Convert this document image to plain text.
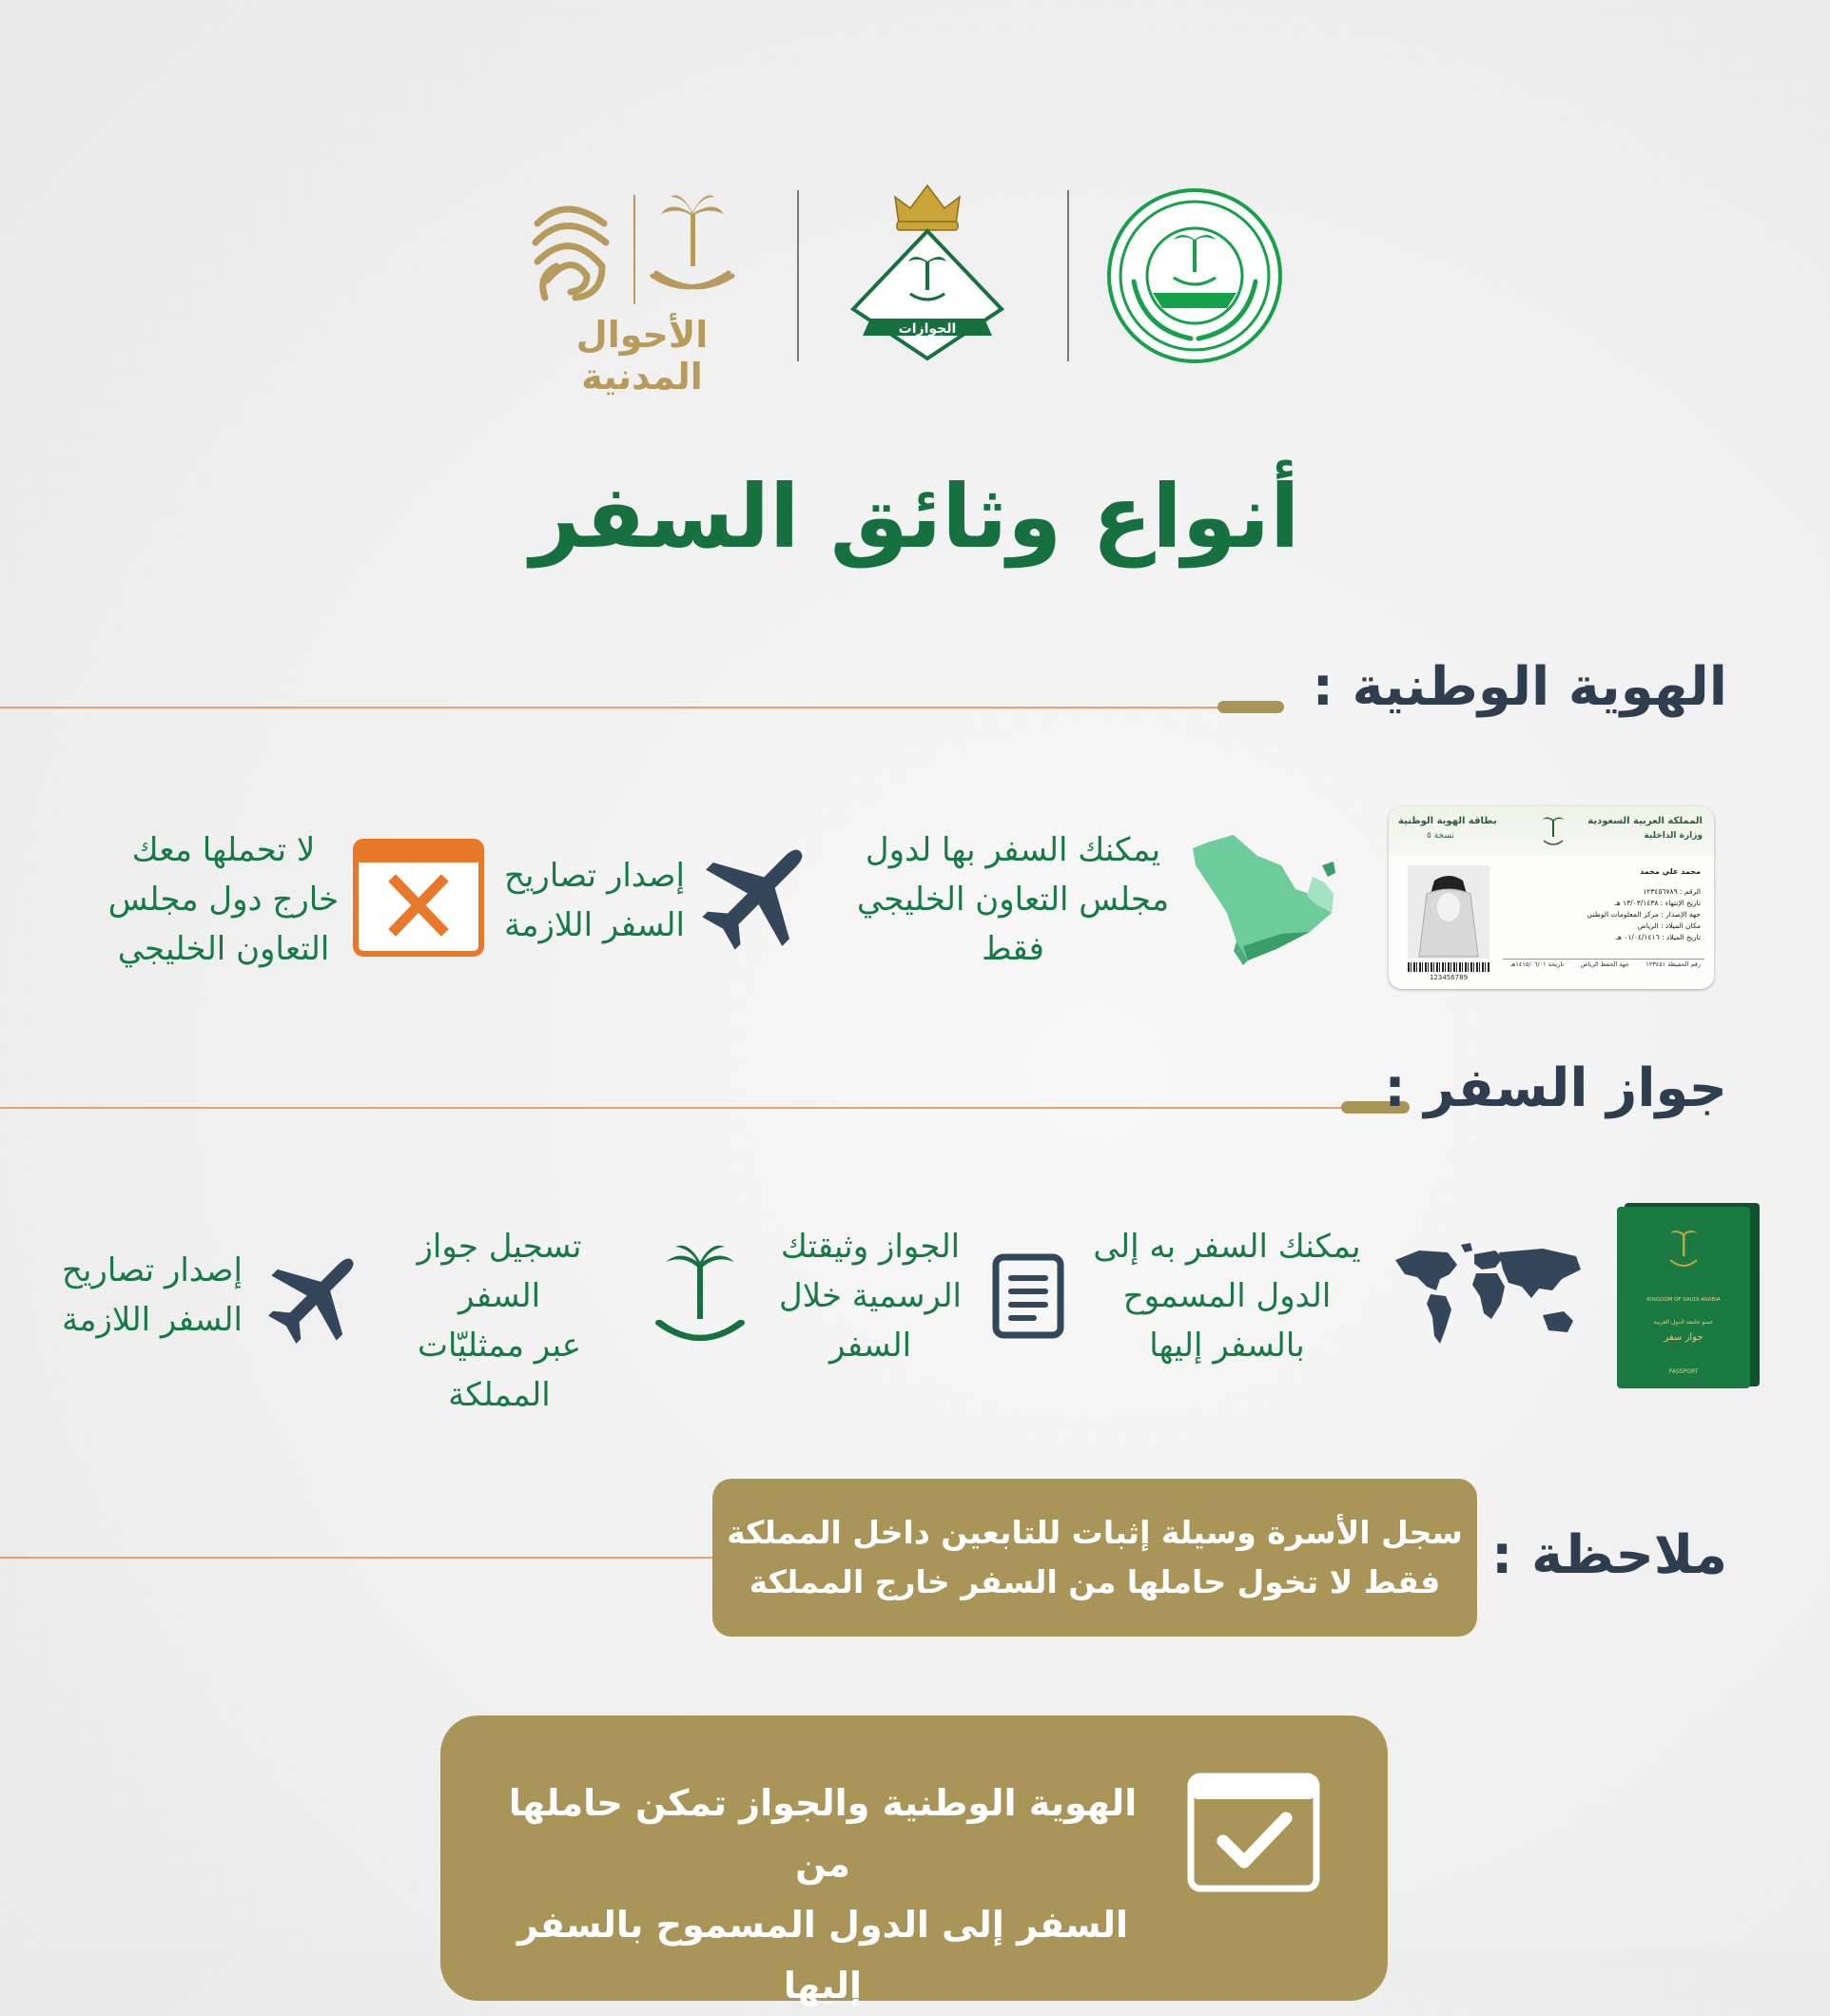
الأحوال المدنية
الجوازات
أنواع وثائق السفر
الهوية الوطنية :
المملكة العربية السعودية
وزارة الداخلية
بطاقة الهوية الوطنية
نسخة ٥
123456789
محمد علي محمد
الرقم : ١٢٣٤٥٦٧٨٩
تاريخ الإنتهاء : ١٣/٠٣/١٤٣٨ هـ
جهة الإصدار : مركز المعلومات الوطني
مكان الميلاد : الرياض
تاريخ الميلاد : ٠١/٠٤/١٤١٦ هـ
رقم الحفيظة ١٢٣٤٥١
جهة الحفظ الرياض
تاريخة ١٤١٥/٠٦/٠١هـ
يمكنك السفر بها لدول
مجلس التعاون الخليجي
فقط
إصدار تصاريح
السفر اللازمة
لا تحملها معك
خارج دول مجلس
التعاون الخليجي
جواز السفر :
KINGDOM OF SAUDI ARABIA
عضو جامعة الدول العربية
جواز سفر
PASSPORT
يمكنك السفر به إلى
الدول المسموح
بالسفر إليها
الجواز وثيقتك
الرسمية خلال
السفر
تسجيل جواز السفر
عبر ممثليّات
المملكة
إصدار تصاريح
السفر اللازمة
ملاحظة :
سجل الأسرة وسيلة إثبات للتابعين داخل المملكة
فقط لا تخول حاملها من السفر خارج المملكة
الهوية الوطنية والجواز تمكن حاملها من
السفر إلى الدول المسموح بالسفر إليها
